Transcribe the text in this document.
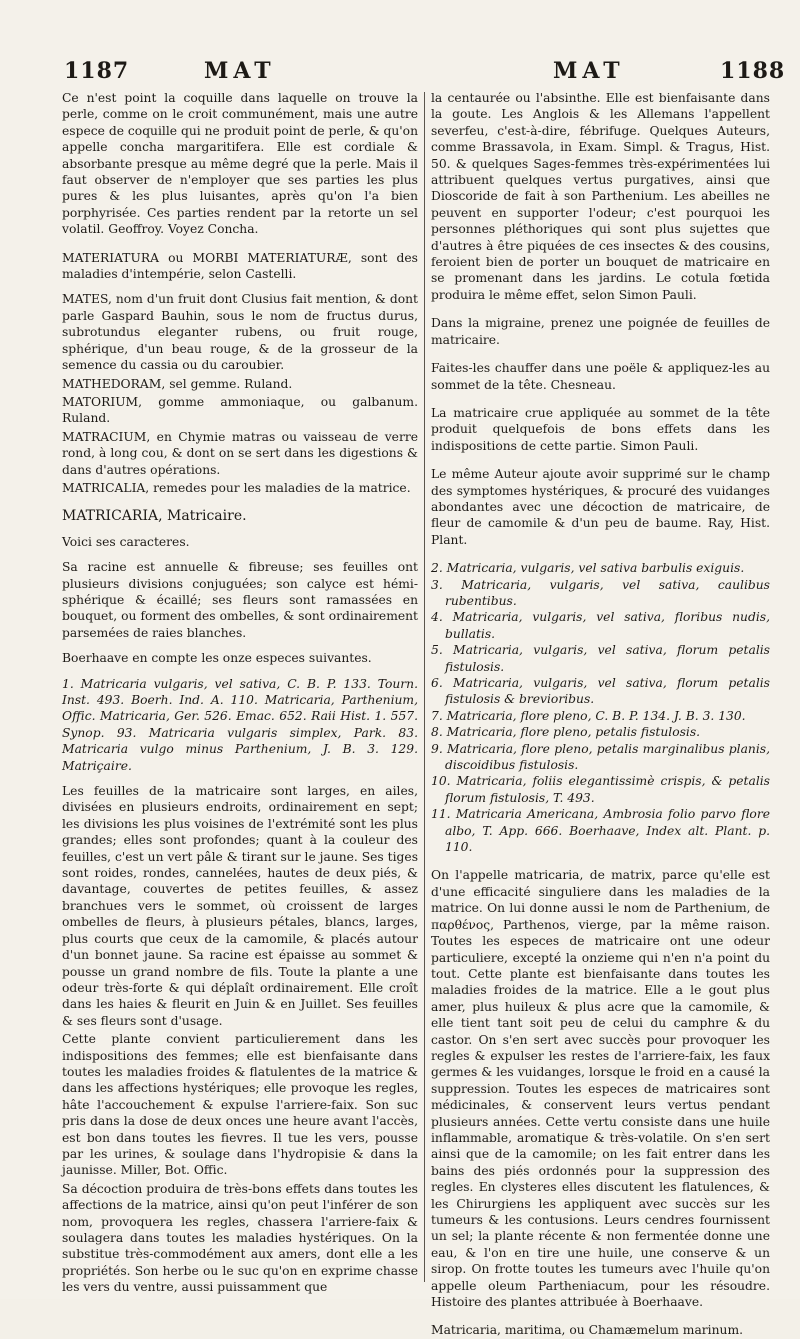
1187	MAT	MAT	1188

Ce n'est point la coquille dans laquelle on trouve la perle, comme on le croit communément, mais une autre espece de coquille qui ne produit point de perle, & qu'on appelle concha margaritifera. Elle est cordiale & absorbante presque au même degré que la perle. Mais il faut observer de n'employer que ses parties les plus pures & les plus luisantes, après qu'on l'a bien porphyrisée. Ces parties rendent par la retorte un sel volatil. Geoffroy. Voyez Concha.

MATERIATURA ou MORBI MATERIATURÆ, sont des maladies d'intempérie, selon Castelli.

MATES, nom d'un fruit dont Clusius fait mention, & dont parle Gaspard Bauhin, sous le nom de fructus durus, subrotundus eleganter rubens, ou fruit rouge, sphérique, d'un beau rouge, & de la grosseur de la semence du cassia ou du caroubier.

MATHEDORAM, sel gemme. Ruland.

MATORIUM, gomme ammoniaque, ou galbanum. Ruland.

MATRACIUM, en Chymie matras ou vaisseau de verre rond, à long cou, & dont on se sert dans les digestions & dans d'autres opérations.

MATRICALIA, remedes pour les maladies de la matrice.

MATRICARIA, Matricaire.

Voici ses caracteres.

Sa racine est annuelle & fibreuse; ses feuilles ont plusieurs divisions conjuguées; son calyce est hémi-sphérique & écaillé; ses fleurs sont ramassées en bouquet, ou forment des ombelles, & sont ordinairement parsemées de raies blanches.

Boerhaave en compte les onze especes suivantes.

1. Matricaria vulgaris, vel sativa, C. B. P. 133. Tourn. Inst. 493. Boerh. Ind. A. 110. Matricaria, Parthenium, Offic. Matricaria, Ger. 526. Emac. 652. Raii Hist. 1. 557. Synop. 93. Matricaria vulgaris simplex, Park. 83. Matricaria vulgo minus Parthenium, J. B. 3. 129. Matriçaire.

Les feuilles de la matricaire sont larges, en ailes, divisées en plusieurs endroits, ordinairement en sept; les divisions les plus voisines de l'extrémité sont les plus grandes; elles sont profondes; quant à la couleur des feuilles, c'est un vert pâle & tirant sur le jaune. Ses tiges sont roides, rondes, cannelées, hautes de deux piés, & davantage, couvertes de petites feuilles, & assez branchues vers le sommet, où croissent de larges ombelles de fleurs, à plusieurs pétales, blancs, larges, plus courts que ceux de la camomile, & placés autour d'un bonnet jaune. Sa racine est épaisse au sommet & pousse un grand nombre de fils. Toute la plante a une odeur très-forte & qui déplaît ordinairement. Elle croît dans les haies & fleurit en Juin & en Juillet. Ses feuilles & ses fleurs sont d'usage.

Cette plante convient particulierement dans les indispositions des femmes; elle est bienfaisante dans toutes les maladies froides & flatulentes de la matrice & dans les affections hystériques; elle provoque les regles, hâte l'accouchement & expulse l'arriere-faix. Son suc pris dans la dose de deux onces une heure avant l'accès, est bon dans toutes les fievres. Il tue les vers, pousse par les urines, & soulage dans l'hydropisie & dans la jaunisse. Miller, Bot. Offic.

Sa décoction produira de très-bons effets dans toutes les affections de la matrice, ainsi qu'on peut l'inférer de son nom, provoquera les regles, chassera l'arriere-faix & soulagera dans toutes les maladies hystériques. On la substitue très-commodément aux amers, dont elle a les propriétés. Son herbe ou le suc qu'on en exprime chasse les vers du ventre, aussi puissamment que

la centaurée ou l'absinthe. Elle est bienfaisante dans la goute. Les Anglois & les Allemans l'appellent severfeu, c'est-à-dire, fébrifuge. Quelques Auteurs, comme Brassavola, in Exam. Simpl. & Tragus, Hist. 50. & quelques Sages-femmes très-expérimentées lui attribuent quelques vertus purgatives, ainsi que Dioscoride de fait à son Parthenium. Les abeilles ne peuvent en supporter l'odeur; c'est pourquoi les personnes pléthoriques qui sont plus sujettes que d'autres à être piquées de ces insectes & des cousins, feroient bien de porter un bouquet de matricaire en se promenant dans les jardins. Le cotula fœtida produira le même effet, selon Simon Pauli.

Dans la migraine, prenez une poignée de feuilles de matricaire.

Faites-les chauffer dans une poële & appliquez-les au sommet de la tête. Chesneau.

La matricaire crue appliquée au sommet de la tête produit quelquefois de bons effets dans les indispositions de cette partie. Simon Pauli.

Le même Auteur ajoute avoir supprimé sur le champ des symptomes hystériques, & procuré des vuidanges abondantes avec une décoction de matricaire, de fleur de camomile & d'un peu de baume. Ray, Hist. Plant.

2. Matricaria, vulgaris, vel sativa barbulis exiguis.

3. Matricaria, vulgaris, vel sativa, caulibus rubentibus.

4. Matricaria, vulgaris, vel sativa, floribus nudis, bullatis.

5. Matricaria, vulgaris, vel sativa, florum petalis fistulosis.

6. Matricaria, vulgaris, vel sativa, florum petalis fistulosis & brevioribus.

7. Matricaria, flore pleno, C. B. P. 134. J. B. 3. 130.

8. Matricaria, flore pleno, petalis fistulosis.

9. Matricaria, flore pleno, petalis marginalibus planis, discoidibus fistulosis.

10. Matricaria, foliis elegantissimè crispis, & petalis florum fistulosis, T. 493.

11. Matricaria Americana, Ambrosia folio parvo flore albo, T. App. 666. Boerhaave, Index alt. Plant. p. 110.

On l'appelle matricaria, de matrix, parce qu'elle est d'une efficacité singuliere dans les maladies de la matrice. On lui donne aussi le nom de Parthenium, de παρθένος, Parthenos, vierge, par la même raison. Toutes les especes de matricaire ont une odeur particuliere, excepté la onzieme qui n'en n'a point du tout. Cette plante est bienfaisante dans toutes les maladies froides de la matrice. Elle a le gout plus amer, plus huileux & plus acre que la camomile, & elle tient tant soit peu de celui du camphre & du castor. On s'en sert avec succès pour provoquer les regles & expulser les restes de l'arriere-faix, les faux germes & les vuidanges, lorsque le froid en a causé la suppression. Toutes les especes de matricaires sont médicinales, & conservent leurs vertus pendant plusieurs années. Cette vertu consiste dans une huile inflammable, aromatique & très-volatile. On s'en sert ainsi que de la camomile; on les fait entrer dans les bains des piés ordonnés pour la suppression des regles. En clysteres elles discutent les flatulences, & les Chirurgiens les appliquent avec succès sur les tumeurs & les contusions. Leurs cendres fournissent un sel; la plante récente & non fermentée donne une eau, & l'on en tire une huile, une conserve & un sirop. On frotte toutes les tumeurs avec l'huile qu'on appelle oleum Partheniacum, pour les résoudre. Histoire des plantes attribuée à Boerhaave.

Matricaria, maritima, ou Chamæmelum marinum.
